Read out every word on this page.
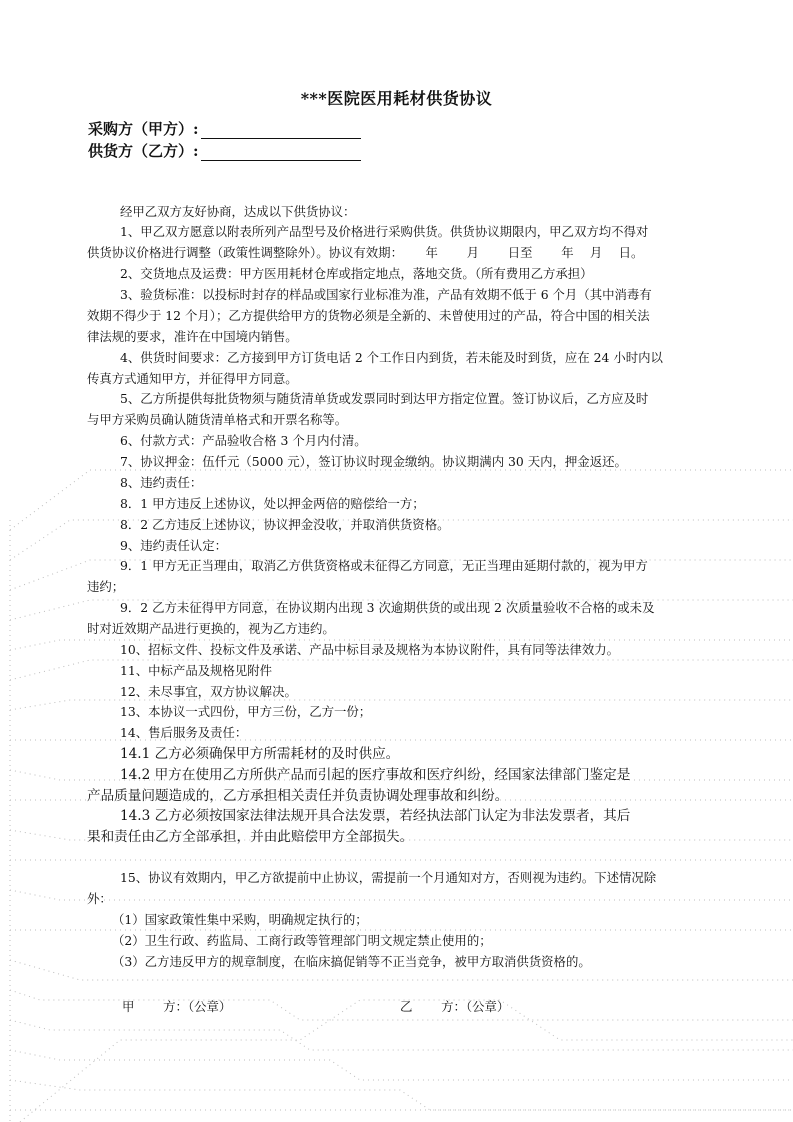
***医院医用耗材供货协议
采购方（甲方）:
供货方（乙方）:
经甲乙双方友好协商，达成以下供货协议：
1、甲乙双方愿意以附表所列产品型号及价格进行采购供货。供货协议期限内，甲乙双方均不得对
供货协议价格进行调整（政策性调整除外）。协议有效期：　　 年　　 月　　 日至　　 年　 月　 日。
2、交货地点及运费：甲方医用耗材仓库或指定地点，落地交货。（所有费用乙方承担）
3、验货标准：以投标时封存的样品或国家行业标准为准，产品有效期不低于 6 个月（其中消毒有
效期不得少于 12 个月）；乙方提供给甲方的货物必须是全新的、未曾使用过的产品，符合中国的相关法
律法规的要求，准许在中国境内销售。
4、供货时间要求：乙方接到甲方订货电话 2 个工作日内到货，若未能及时到货，应在 24 小时内以
传真方式通知甲方，并征得甲方同意。
5、乙方所提供每批货物须与随货清单货或发票同时到达甲方指定位置。签订协议后，乙方应及时
与甲方采购员确认随货清单格式和开票名称等。
6、付款方式：产品验收合格 3 个月内付清。
7、协议押金：伍仟元（5000 元），签订协议时现金缴纳。协议期满内 30 天内，押金返还。
8、违约责任：
8．1 甲方违反上述协议，处以押金两倍的赔偿给一方；
8．2 乙方违反上述协议，协议押金没收，并取消供货资格。
9、违约责任认定：
9．1 甲方无正当理由，取消乙方供货资格或未征得乙方同意，无正当理由延期付款的，视为甲方
违约；
9．2 乙方未征得甲方同意，在协议期内出现 3 次逾期供货的或出现 2 次质量验收不合格的或未及
时对近效期产品进行更换的，视为乙方违约。
10、招标文件、投标文件及承诺、产品中标目录及规格为本协议附件，具有同等法律效力。
11、中标产品及规格见附件
12、未尽事宜，双方协议解决。
13、本协议一式四份，甲方三份，乙方一份；
14、售后服务及责任：
14.1 乙方必须确保甲方所需耗材的及时供应。
14.2 甲方在使用乙方所供产品而引起的医疗事故和医疗纠纷，经国家法律部门鉴定是
产品质量问题造成的，乙方承担相关责任并负责协调处理事故和纠纷。
14.3 乙方必须按国家法律法规开具合法发票，若经执法部门认定为非法发票者，其后
果和责任由乙方全部承担，并由此赔偿甲方全部损失。
15、协议有效期内，甲乙方欲提前中止协议，需提前一个月通知对方，否则视为违约。下述情况除
外：
（1）国家政策性集中采购，明确规定执行的；
（2）卫生行政、药监局、工商行政等管理部门明文规定禁止使用的；
（3）乙方违反甲方的规章制度，在临床搞促销等不正当竞争，被甲方取消供货资格的。
甲　　 方：（公章）	乙　　 方：（公章）
